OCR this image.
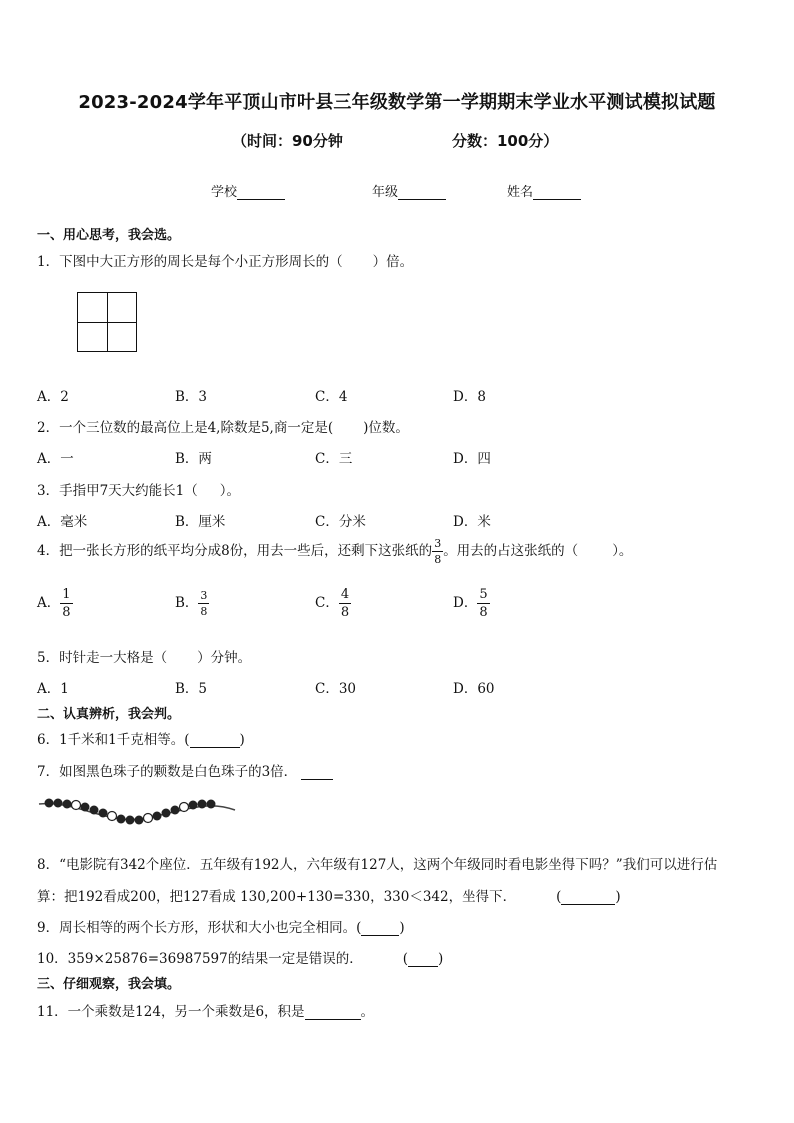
2023-2024学年平顶山市叶县三年级数学第一学期期末学业水平测试模拟试题
（时间：90分钟	分数：100分）
学校	年级	姓名
一、用心思考，我会选。
1．下图中大正方形的周长是每个小正方形周长的（ ）倍。
A．2	B．3	C．4	D．8
2．一个三位数的最高位上是4,除数是5,商一定是( )位数。
A．一	B．两	C．三	D．四
3．手指甲7天大约能长1（ ）。
A．毫米	B．厘米	C．分米	D．米
4．把一张长方形的纸平均分成8份，用去一些后，还剩下这张纸的 $\frac{3}{8}$ 。用去的占这张纸的（	）。
A． $\frac{1}{8}$	B． $\frac{3}{8}$	C． $\frac{4}{8}$	D． $\frac{5}{8}$
5．时针走一大格是（ ）分钟。
A．1	B．5	C．30	D．60
二、认真辨析，我会判。
6．1千米和1千克相等。(	)
7．如图黑色珠子的颗数是白色珠子的3倍．
8．“电影院有342个座位．五年级有192人，六年级有127人，这两个年级同时看电影坐得下吗？”我们可以进行估
算：把192看成200，把127看成 130,200+130=330，330＜342，坐得下．	(	)
9．周长相等的两个长方形，形状和大小也完全相同。(	)
10．359×25876=36987597的结果一定是错误的．	( )
三、仔细观察，我会填。
11．一个乘数是124，另一个乘数是6，积是	。
